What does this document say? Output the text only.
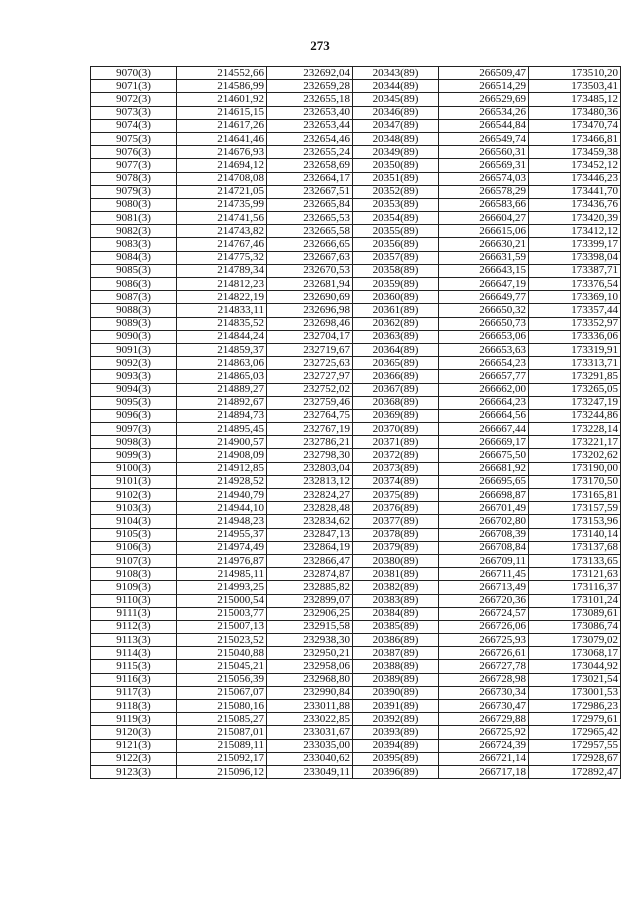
273
9070(3)	214552,66	232692,04	20343(89)	266509,47	173510,20
9071(3)	214586,99	232659,28	20344(89)	266514,29	173503,41
9072(3)	214601,92	232655,18	20345(89)	266529,69	173485,12
9073(3)	214615,15	232653,40	20346(89)	266534,26	173480,36
9074(3)	214617,26	232653,44	20347(89)	266544,84	173470,74
9075(3)	214641,46	232654,46	20348(89)	266549,74	173466,81
9076(3)	214676,93	232655,24	20349(89)	266560,31	173459,38
9077(3)	214694,12	232658,69	20350(89)	266569,31	173452,12
9078(3)	214708,08	232664,17	20351(89)	266574,03	173446,23
9079(3)	214721,05	232667,51	20352(89)	266578,29	173441,70
9080(3)	214735,99	232665,84	20353(89)	266583,66	173436,76
9081(3)	214741,56	232665,53	20354(89)	266604,27	173420,39
9082(3)	214743,82	232665,58	20355(89)	266615,06	173412,12
9083(3)	214767,46	232666,65	20356(89)	266630,21	173399,17
9084(3)	214775,32	232667,63	20357(89)	266631,59	173398,04
9085(3)	214789,34	232670,53	20358(89)	266643,15	173387,71
9086(3)	214812,23	232681,94	20359(89)	266647,19	173376,54
9087(3)	214822,19	232690,69	20360(89)	266649,77	173369,10
9088(3)	214833,11	232696,98	20361(89)	266650,32	173357,44
9089(3)	214835,52	232698,46	20362(89)	266650,73	173352,97
9090(3)	214844,24	232704,17	20363(89)	266653,06	173336,06
9091(3)	214859,37	232719,67	20364(89)	266653,63	173319,91
9092(3)	214863,06	232725,63	20365(89)	266654,23	173313,71
9093(3)	214865,03	232727,97	20366(89)	266657,77	173291,85
9094(3)	214889,27	232752,02	20367(89)	266662,00	173265,05
9095(3)	214892,67	232759,46	20368(89)	266664,23	173247,19
9096(3)	214894,73	232764,75	20369(89)	266664,56	173244,86
9097(3)	214895,45	232767,19	20370(89)	266667,44	173228,14
9098(3)	214900,57	232786,21	20371(89)	266669,17	173221,17
9099(3)	214908,09	232798,30	20372(89)	266675,50	173202,62
9100(3)	214912,85	232803,04	20373(89)	266681,92	173190,00
9101(3)	214928,52	232813,12	20374(89)	266695,65	173170,50
9102(3)	214940,79	232824,27	20375(89)	266698,87	173165,81
9103(3)	214944,10	232828,48	20376(89)	266701,49	173157,59
9104(3)	214948,23	232834,62	20377(89)	266702,80	173153,96
9105(3)	214955,37	232847,13	20378(89)	266708,39	173140,14
9106(3)	214974,49	232864,19	20379(89)	266708,84	173137,68
9107(3)	214976,87	232866,47	20380(89)	266709,11	173133,65
9108(3)	214985,11	232874,87	20381(89)	266711,45	173121,63
9109(3)	214993,25	232885,82	20382(89)	266713,49	173116,37
9110(3)	215000,54	232899,07	20383(89)	266720,36	173101,24
9111(3)	215003,77	232906,25	20384(89)	266724,57	173089,61
9112(3)	215007,13	232915,58	20385(89)	266726,06	173086,74
9113(3)	215023,52	232938,30	20386(89)	266725,93	173079,02
9114(3)	215040,88	232950,21	20387(89)	266726,61	173068,17
9115(3)	215045,21	232958,06	20388(89)	266727,78	173044,92
9116(3)	215056,39	232968,80	20389(89)	266728,98	173021,54
9117(3)	215067,07	232990,84	20390(89)	266730,34	173001,53
9118(3)	215080,16	233011,88	20391(89)	266730,47	172986,23
9119(3)	215085,27	233022,85	20392(89)	266729,88	172979,61
9120(3)	215087,01	233031,67	20393(89)	266725,92	172965,42
9121(3)	215089,11	233035,00	20394(89)	266724,39	172957,55
9122(3)	215092,17	233040,62	20395(89)	266721,14	172928,67
9123(3)	215096,12	233049,11	20396(89)	266717,18	172892,47
